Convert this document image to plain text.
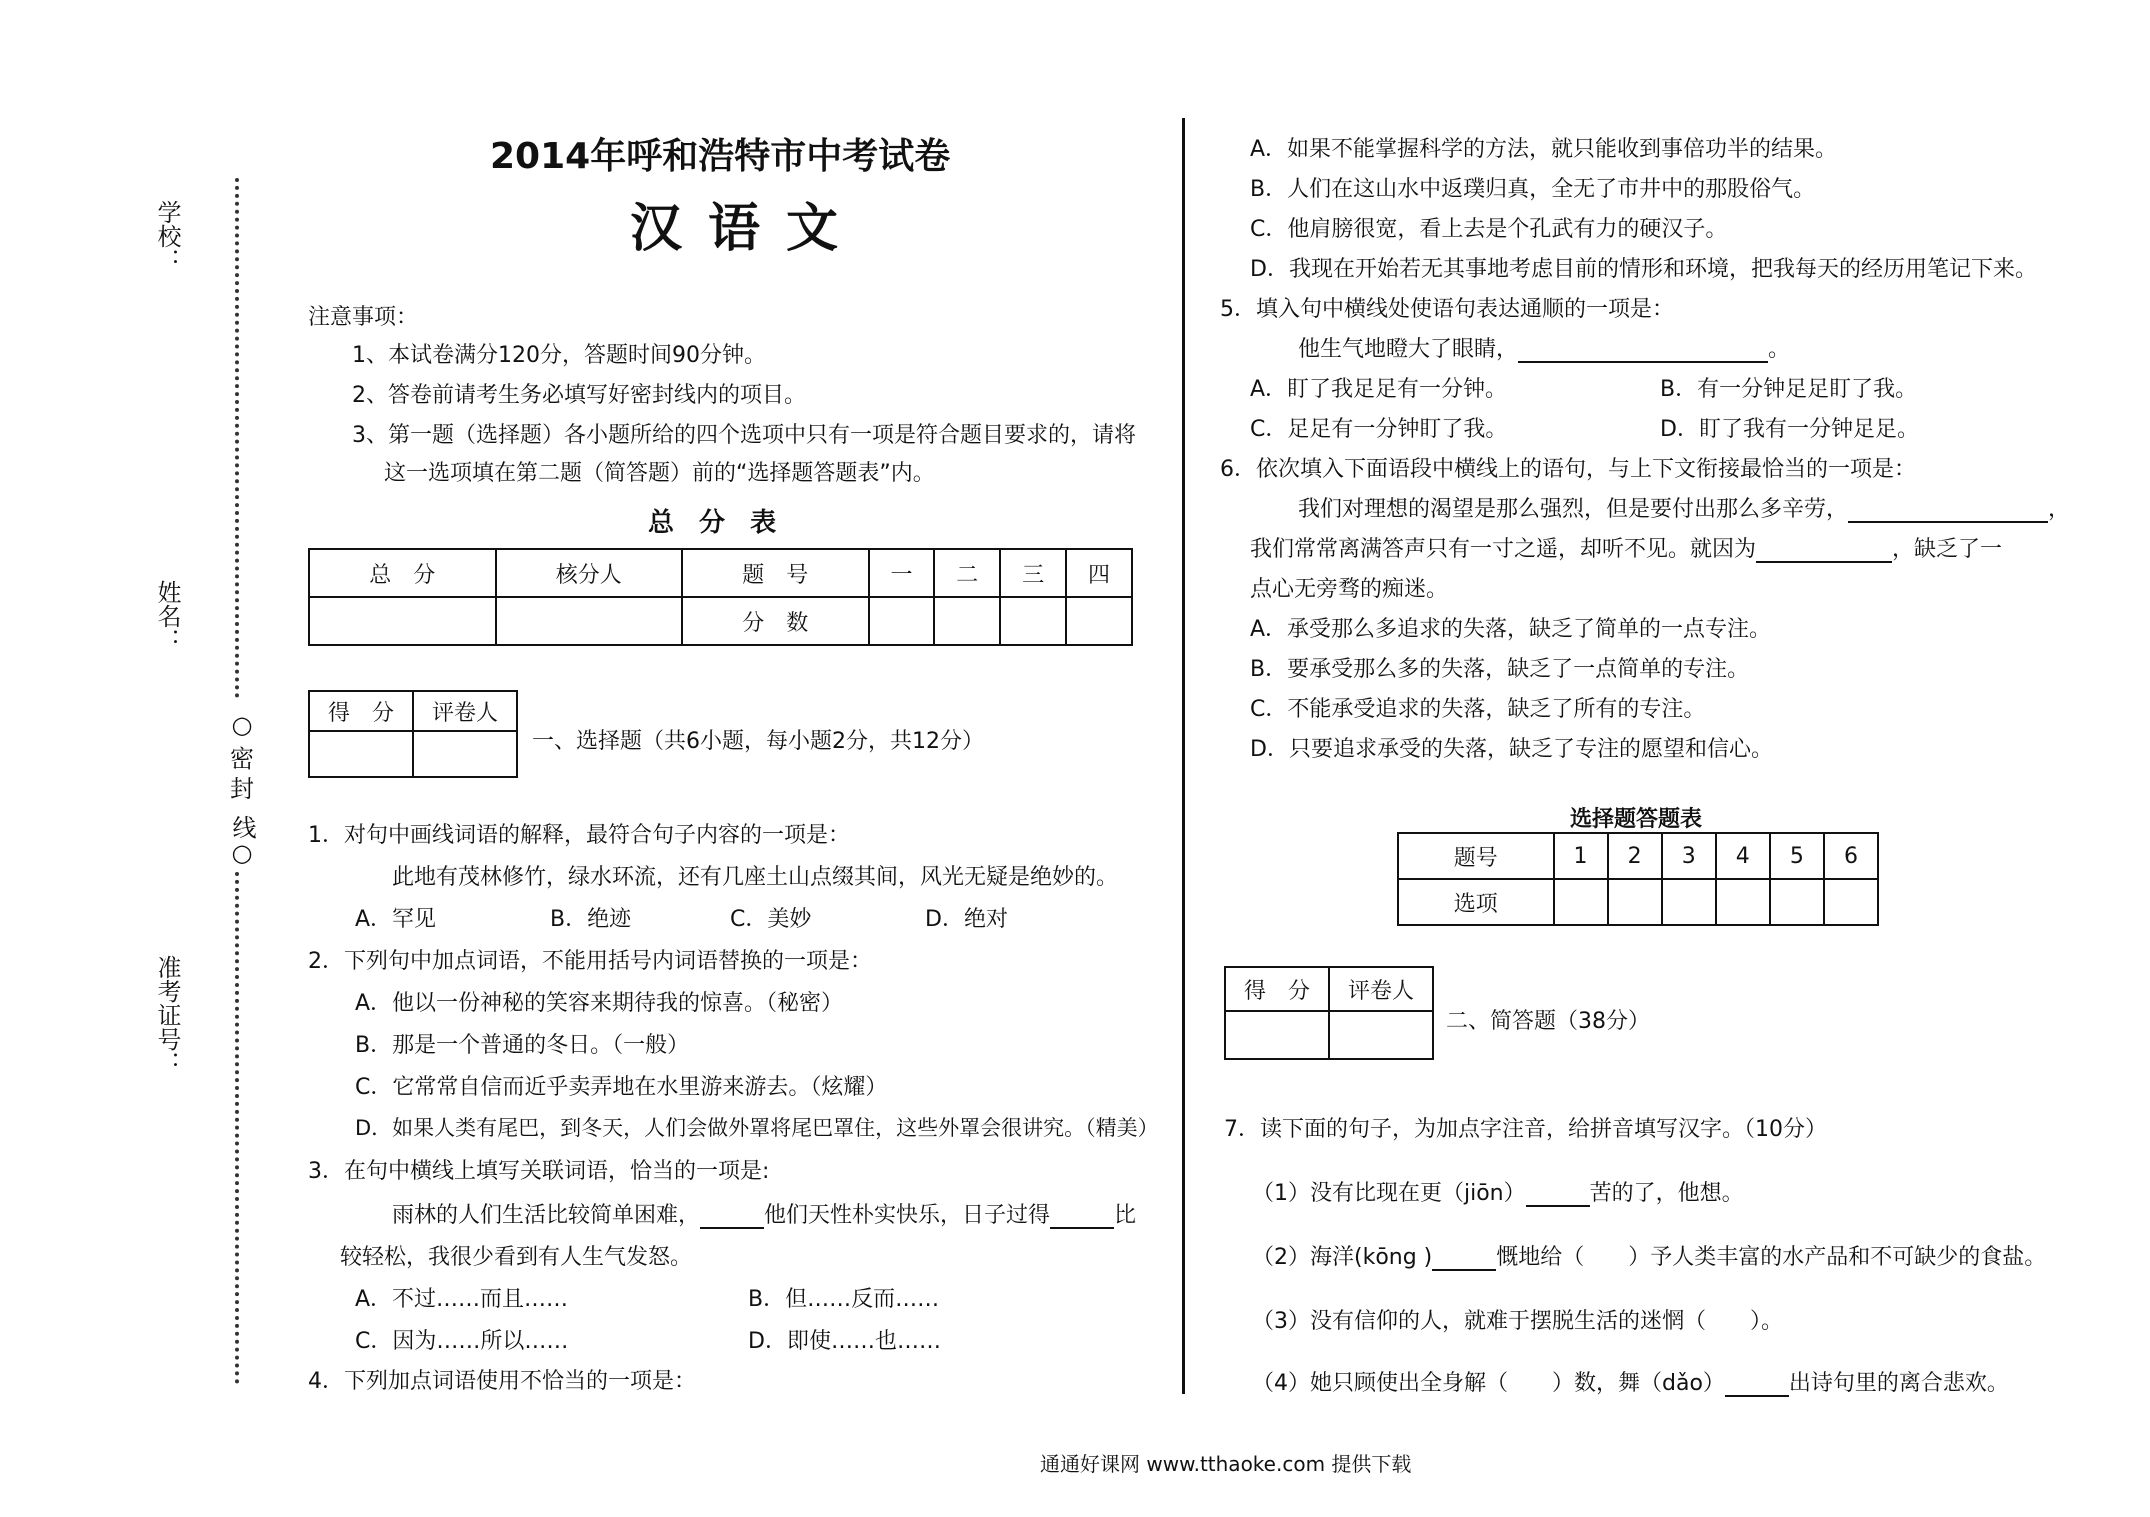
学校：
姓名：
准考证号：
○密
封
线○
2014年呼和浩特市中考试卷
汉语文
注意事项：
1、本试卷满分120分，答题时间90分钟。
2、答卷前请考生务必填写好密封线内的项目。
3、第一题（选择题）各小题所给的四个选项中只有一项是符合题目要求的，请将
这一选项填在第二题（简答题）前的“选择题答题表”内。
总 分 表
总　分	核分人	题　号	一	二	三	四
		分　数				
得　分	评卷人

一、选择题（共6小题，每小题2分，共12分）
1．对句中画线词语的解释，最符合句子内容的一项是：
此地有茂林修竹，绿水环流，还有几座土山点缀其间，风光无疑是绝妙的。
A．罕见	B．绝迹	C．美妙	D．绝对
2．下列句中加点词语，不能用括号内词语替换的一项是：
A．他以一份神秘的笑容来期待我的惊喜。（秘密）
B．那是一个普通的冬日。（一般）
C．它常常自信而近乎卖弄地在水里游来游去。（炫耀）
D．如果人类有尾巴，到冬天，人们会做外罩将尾巴罩住，这些外罩会很讲究。（精美）
3．在句中横线上填写关联词语，恰当的一项是:
雨林的人们生活比较简单困难，	他们天性朴实快乐，日子过得	比
较轻松，我很少看到有人生气发怒。
A．不过……而且……	B．但……反而……
C．因为……所以……	D．即使……也……
4．下列加点词语使用不恰当的一项是：
A．如果不能掌握科学的方法，就只能收到事倍功半的结果。
B．人们在这山水中返璞归真，全无了市井中的那股俗气。
C．他肩膀很宽，看上去是个孔武有力的硬汉子。
D．我现在开始若无其事地考虑目前的情形和环境，把我每天的经历用笔记下来。
5．填入句中横线处使语句表达通顺的一项是：
他生气地瞪大了眼睛，	。
A．盯了我足足有一分钟。	B．有一分钟足足盯了我。
C．足足有一分钟盯了我。	D．盯了我有一分钟足足。
6．依次填入下面语段中横线上的语句，与上下文衔接最恰当的一项是：
我们对理想的渴望是那么强烈，但是要付出那么多辛劳，	，
我们常常离满答声只有一寸之遥，却听不见。就因为	，缺乏了一
点心无旁骛的痴迷。
A．承受那么多追求的失落，缺乏了简单的一点专注。
B．要承受那么多的失落，缺乏了一点简单的专注。
C．不能承受追求的失落，缺乏了所有的专注。
D．只要追求承受的失落，缺乏了专注的愿望和信心。
选择题答题表
题号	1	2	3	4	5	6
选项						
得　分	评卷人

二、简答题（38分）
7．读下面的句子，为加点字注音，给拼音填写汉字。（10分）
（1）没有比现在更（jiōn）	苦的了，他想。
（2）海洋(kōng )	慨地给（　　）予人类丰富的水产品和不可缺少的食盐。
（3）没有信仰的人，就难于摆脱生活的迷惘（　　）。
（4）她只顾使出全身解（　　）数，舞（dǎo）	出诗句里的离合悲欢。
通通好课网 www.tthaoke.com 提供下载
